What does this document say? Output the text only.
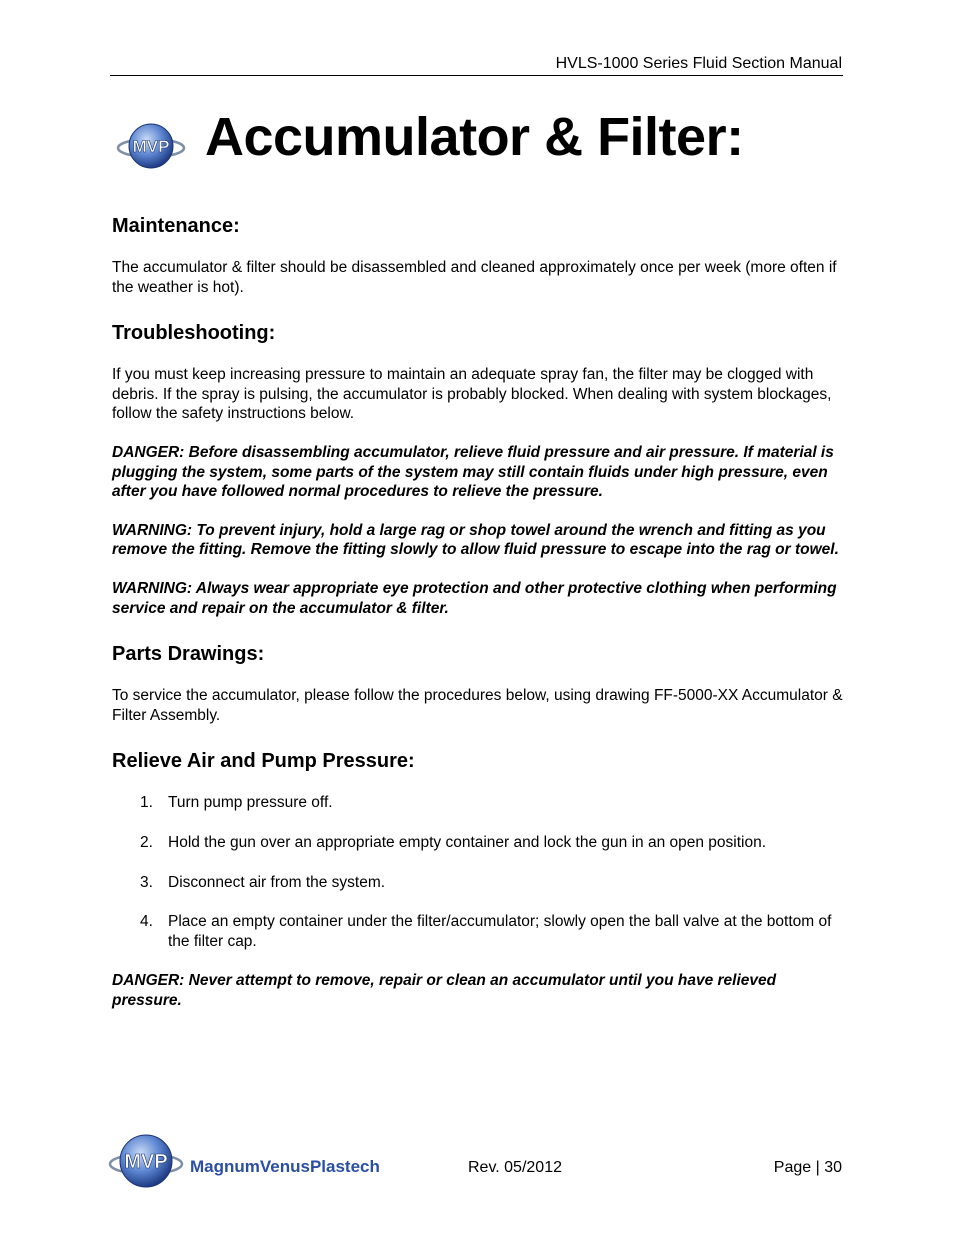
HVLS-1000 Series Fluid Section Manual
MVP Accumulator & Filter:
Maintenance:

The accumulator & filter should be disassembled and cleaned approximately once per week (more often if the weather is hot).

Troubleshooting:

If you must keep increasing pressure to maintain an adequate spray fan, the filter may be clogged with debris. If the spray is pulsing, the accumulator is probably blocked. When dealing with system blockages, follow the safety instructions below.

DANGER: Before disassembling accumulator, relieve fluid pressure and air pressure. If material is plugging the system, some parts of the system may still contain fluids under high pressure, even after you have followed normal procedures to relieve the pressure.

WARNING: To prevent injury, hold a large rag or shop towel around the wrench and fitting as you remove the fitting. Remove the fitting slowly to allow fluid pressure to escape into the rag or towel.

WARNING: Always wear appropriate eye protection and other protective clothing when performing service and repair on the accumulator & filter.

Parts Drawings:

To service the accumulator, please follow the procedures below, using drawing FF-5000-XX Accumulator & Filter Assembly.

Relieve Air and Pump Pressure:
1. Turn pump pressure off.
2. Hold the gun over an appropriate empty container and lock the gun in an open position.
3. Disconnect air from the system.
4. Place an empty container under the filter/accumulator; slowly open the ball valve at the bottom of the filter cap.

DANGER: Never attempt to remove, repair or clean an accumulator until you have relieved pressure.

MVP MagnumVenusPlastech	Rev. 05/2012	Page | 30
